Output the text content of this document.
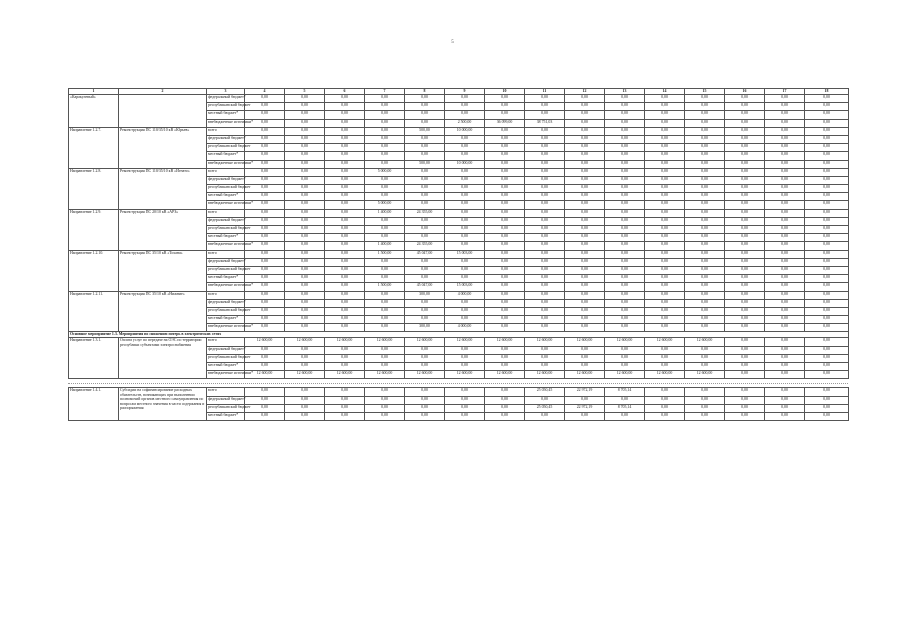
5
1	2	3	4	5	6	7	8	9	10	11	12	13	14	15	16	17	18
«Каракулевый»		федеральный бюджет*	0,00	0,00	0,00	0,00	0,00	0,00	0,00	0,00	0,00	0,00	0,00	0,00	0,00	0,00	0,00
		республиканский бюджет	0,00	0,00	0,00	0,00	0,00	0,00	0,00	0,00	0,00	0,00	0,00	0,00	0,00	0,00	0,00
		местный бюджет*	0,00	0,00	0,00	0,00	0,00	0,00	0,00	0,00	0,00	0,00	0,00	0,00	0,00	0,00	0,00
		внебюджетные источники*	0,00	0,00	0,00	0,00	0,00	2 500,00	36 099,00	38 751,03	0,00	0,00	0,00	0,00	0,00	0,00	0,00
Направление 1.2.7.	Реконструкция ПС 110/35/10 кВ «Юрьев»	всего	0,00	0,00	0,00	0,00	500,00	10 000,00	0,00	0,00	0,00	0,00	0,00	0,00	0,00	0,00	0,00
		федеральный бюджет*	0,00	0,00	0,00	0,00	0,00	0,00	0,00	0,00	0,00	0,00	0,00	0,00	0,00	0,00	0,00
		республиканский бюджет	0,00	0,00	0,00	0,00	0,00	0,00	0,00	0,00	0,00	0,00	0,00	0,00	0,00	0,00	0,00
		местный бюджет*	0,00	0,00	0,00	0,00	0,00	0,00	0,00	0,00	0,00	0,00	0,00	0,00	0,00	0,00	0,00
		внебюджетные источники*	0,00	0,00	0,00	0,00	500,00	10 000,00	0,00	0,00	0,00	0,00	0,00	0,00	0,00	0,00	0,00
Направление 1.2.8.	Реконструкция ПС 110/35/10 кВ «Игнато»	всего	0,00	0,00	0,00	5 000,00	0,00	0,00	0,00	0,00	0,00	0,00	0,00	0,00	0,00	0,00	0,00
		федеральный бюджет*	0,00	0,00	0,00	0,00	0,00	0,00	0,00	0,00	0,00	0,00	0,00	0,00	0,00	0,00	0,00
		республиканский бюджет	0,00	0,00	0,00	0,00	0,00	0,00	0,00	0,00	0,00	0,00	0,00	0,00	0,00	0,00	0,00
		местный бюджет*	0,00	0,00	0,00	0,00	0,00	0,00	0,00	0,00	0,00	0,00	0,00	0,00	0,00	0,00	0,00
		внебюджетные источники*	0,00	0,00	0,00	5 000,00	0,00	0,00	0,00	0,00	0,00	0,00	0,00	0,00	0,00	0,00	0,00
Направление 1.2.9.	Реконструкция ПС 20/10 кВ «АРЗ»	всего	0,00	0,00	0,00	1 400,00	24 355,00	0,00	0,00	0,00	0,00	0,00	0,00	0,00	0,00	0,00	0,00
		федеральный бюджет*	0,00	0,00	0,00	0,00	0,00	0,00	0,00	0,00	0,00	0,00	0,00	0,00	0,00	0,00	0,00
		республиканский бюджет	0,00	0,00	0,00	0,00	0,00	0,00	0,00	0,00	0,00	0,00	0,00	0,00	0,00	0,00	0,00
		местный бюджет*	0,00	0,00	0,00	0,00	0,00	0,00	0,00	0,00	0,00	0,00	0,00	0,00	0,00	0,00	0,00
		внебюджетные источники*	0,00	0,00	0,00	1 400,00	24 355,00	0,00	0,00	0,00	0,00	0,00	0,00	0,00	0,00	0,00	0,00
Направление 1.2.10.	Реконструкция ПС 35/10 кВ «Тохана»	всего	0,00	0,00	0,00	1 500,00	45 047,00	15 003,00	0,00	0,00	0,00	0,00	0,00	0,00	0,00	0,00	0,00
		федеральный бюджет*	0,00	0,00	0,00	0,00	0,00	0,00	0,00	0,00	0,00	0,00	0,00	0,00	0,00	0,00	0,00
		республиканский бюджет	0,00	0,00	0,00	0,00	0,00	0,00	0,00	0,00	0,00	0,00	0,00	0,00	0,00	0,00	0,00
		местный бюджет*	0,00	0,00	0,00	0,00	0,00	0,00	0,00	0,00	0,00	0,00	0,00	0,00	0,00	0,00	0,00
		внебюджетные источники*	0,00	0,00	0,00	1 500,00	45 047,00	15 003,00	0,00	0,00	0,00	0,00	0,00	0,00	0,00	0,00	0,00
Направление 1.2.11.	Реконструкция ПС 35/10 кВ «Нижние»	всего	0,00	0,00	0,00	0,00	300,00	4 000,00	0,00	0,00	0,00	0,00	0,00	0,00	0,00	0,00	0,00
		федеральный бюджет*	0,00	0,00	0,00	0,00	0,00	0,00	0,00	0,00	0,00	0,00	0,00	0,00	0,00	0,00	0,00
		республиканский бюджет	0,00	0,00	0,00	0,00	0,00	0,00	0,00	0,00	0,00	0,00	0,00	0,00	0,00	0,00	0,00
		местный бюджет*	0,00	0,00	0,00	0,00	0,00	0,00	0,00	0,00	0,00	0,00	0,00	0,00	0,00	0,00	0,00
		внебюджетные источники*	0,00	0,00	0,00	0,00	300,00	4 000,00	0,00	0,00	0,00	0,00	0,00	0,00	0,00	0,00	0,00
Основное мероприятие 1.3. Мероприятия по снижению потерь в электрических сетях																	
Направление 1.3.1.	Оплата услуг по передаче на ОЭС по территории республики субъектами электроснабжения	всего	12 600,00	12 600,00	12 600,00	12 600,00	12 600,00	12 600,00	12 600,00	12 600,00	12 600,00	12 600,00	12 600,00	12 600,00	0,00	0,00	0,00
		федеральный бюджет*	0,00	0,00	0,00	0,00	0,00	0,00	0,00	0,00	0,00	0,00	0,00	0,00	0,00	0,00	0,00
		республиканский бюджет	0,00	0,00	0,00	0,00	0,00	0,00	0,00	0,00	0,00	0,00	0,00	0,00	0,00	0,00	0,00
		местный бюджет*	0,00	0,00	0,00	0,00	0,00	0,00	0,00	0,00	0,00	0,00	0,00	0,00	0,00	0,00	0,00
		внебюджетные источники*	12 600,00	12 600,00	12 600,00	12 600,00	12 600,00	12 600,00	12 600,00	12 600,00	12 600,00	12 600,00	12 600,00	12 600,00	0,00	0,00	0,00

Направление 1.4.1.	Субсидии на софинансирование расходных обязательств, возникающих при выполнении полномочий органов местного самоуправления по вопросам местного значения в части содержания и распоряжения	всего	0,00	0,00	0,00	0,00	0,00	0,00	0,00	25 050,45	22 972,19	8 705,14	0,00	0,00	0,00	0,00	0,00
		федеральный бюджет*	0,00	0,00	0,00	0,00	0,00	0,00	0,00	0,00	0,00	0,00	0,00	0,00	0,00	0,00	0,00
		республиканский бюджет	0,00	0,00	0,00	0,00	0,00	0,00	0,00	25 050,45	22 972,19	8 705,14	0,00	0,00	0,00	0,00	0,00
		местный бюджет*	0,00	0,00	0,00	0,00	0,00	0,00	0,00	0,00	0,00	0,00	0,00	0,00	0,00	0,00	0,00
